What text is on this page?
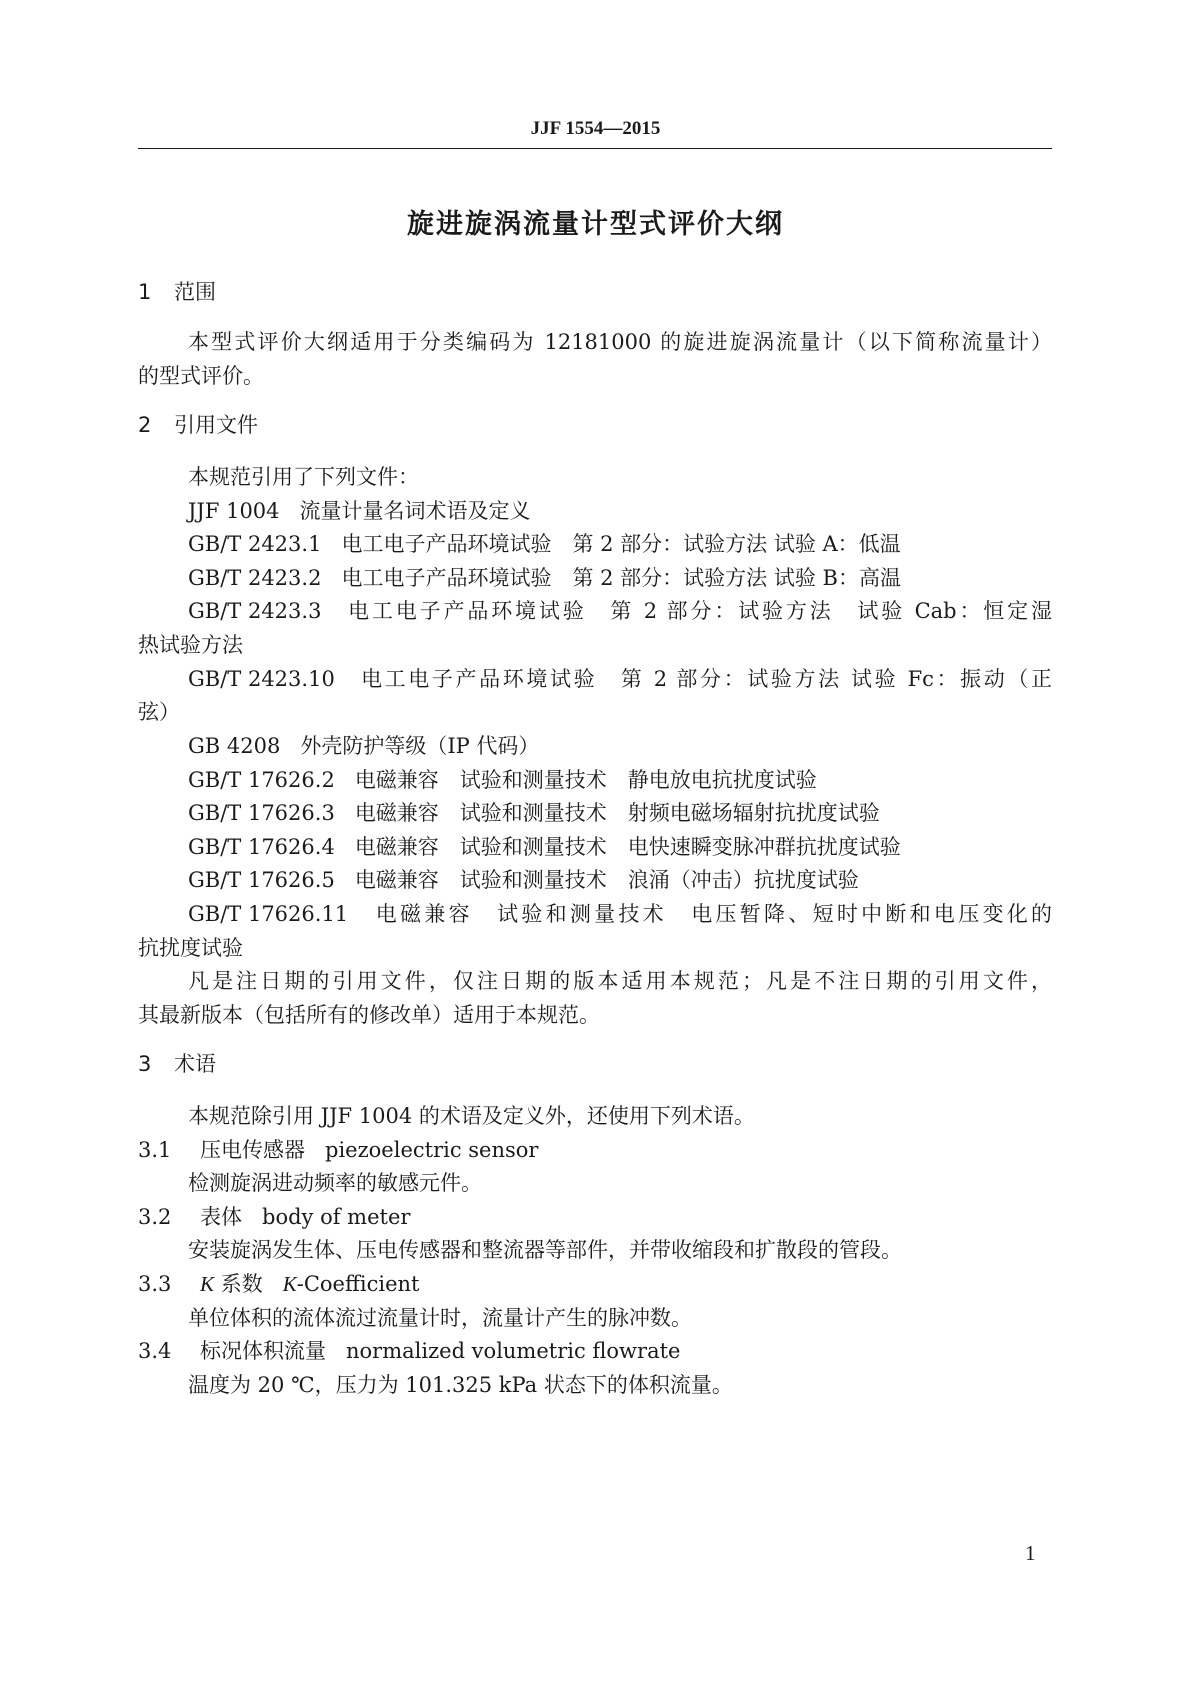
JJF 1554—2015
旋进旋涡流量计型式评价大纲
1 范围
本型式评价大纲适用于分类编码为 12181000 的旋进旋涡流量计（以下简称流量计）
的型式评价。
2 引用文件
本规范引用了下列文件：
JJF 1004 流量计量名词术语及定义
GB/T 2423.1 电工电子产品环境试验　第 2 部分：试验方法 试验 A：低温
GB/T 2423.2 电工电子产品环境试验　第 2 部分：试验方法 试验 B：高温
GB/T 2423.3　 电工电子产品环境试验　第 2 部分：试验方法　试验 Cab：恒定湿
热试验方法
GB/T 2423.10　 电工电子产品环境试验　第 2 部分：试验方法 试验 Fc：振动（正
弦）
GB 4208 外壳防护等级（IP 代码）
GB/T 17626.2 电磁兼容　试验和测量技术　静电放电抗扰度试验
GB/T 17626.3 电磁兼容　试验和测量技术　射频电磁场辐射抗扰度试验
GB/T 17626.4 电磁兼容　试验和测量技术　电快速瞬变脉冲群抗扰度试验
GB/T 17626.5 电磁兼容　试验和测量技术　浪涌（冲击）抗扰度试验
GB/T 17626.11　 电磁兼容　试验和测量技术　电压暂降、短时中断和电压变化的
抗扰度试验
凡是注日期的引用文件，仅注日期的版本适用本规范；凡是不注日期的引用文件，
其最新版本（包括所有的修改单）适用于本规范。
3 术语
本规范除引用 JJF 1004 的术语及定义外，还使用下列术语。
3.1 压电传感器 piezoelectric sensor
检测旋涡进动频率的敏感元件。
3.2 表体 body of meter
安装旋涡发生体、压电传感器和整流器等部件，并带收缩段和扩散段的管段。
3.3 K 系数 K-Coefficient
单位体积的流体流过流量计时，流量计产生的脉冲数。
3.4 标况体积流量 normalized volumetric flowrate
温度为 20 ℃，压力为 101.325 kPa 状态下的体积流量。
1
